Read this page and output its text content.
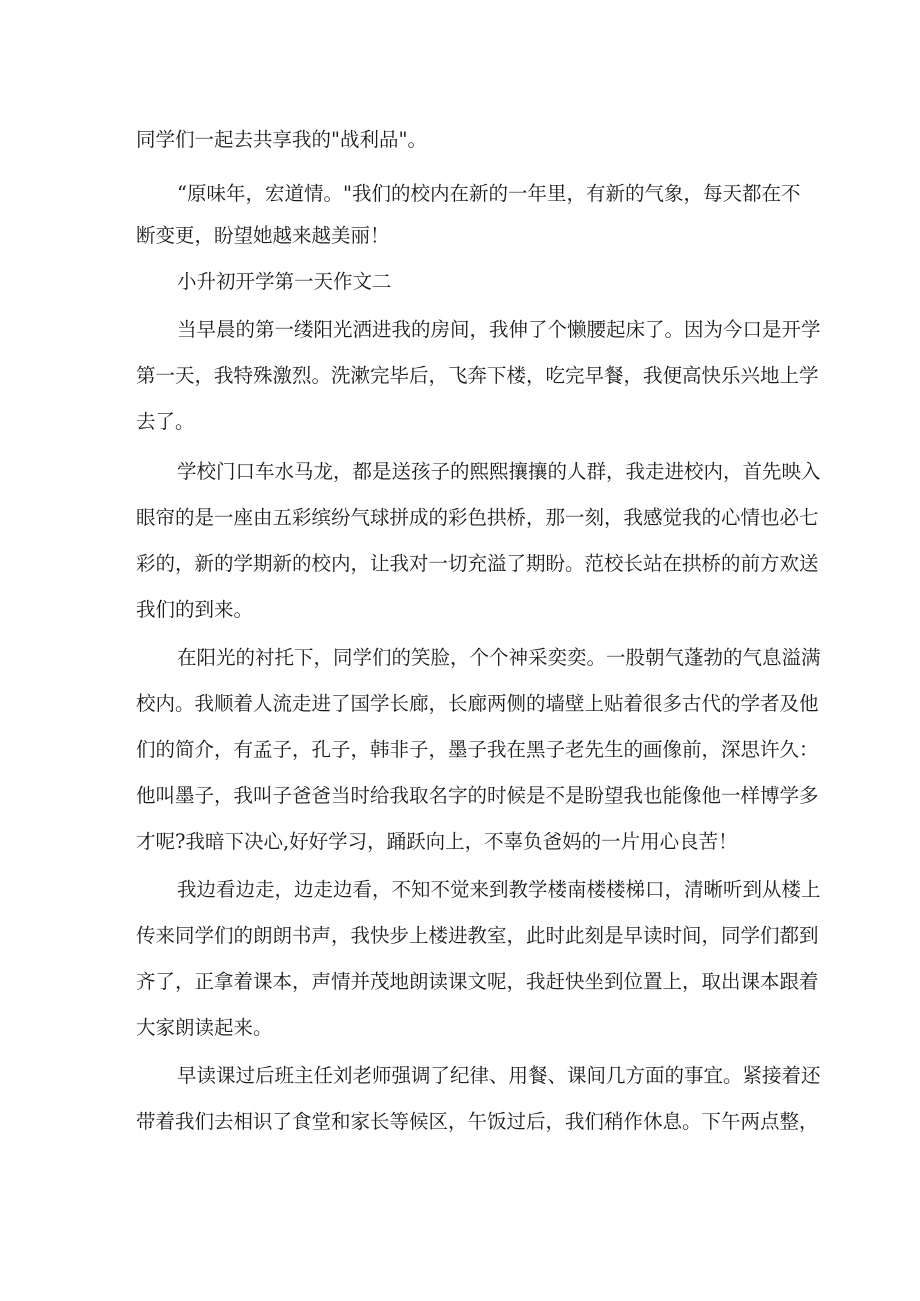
同学们一起去共享我的"战利品"。
“原味年，宏道情。"我们的校内在新的一年里，有新的气象，每天都在不
断变更，盼望她越来越美丽！
小升初开学第一天作文二
当早晨的第一缕阳光洒进我的房间，我伸了个懒腰起床了。因为今口是开学
第一天，我特殊激烈。洗漱完毕后，飞奔下楼，吃完早餐，我便高快乐兴地上学
去了。
学校门口车水马龙，都是送孩子的熙熙攘攘的人群，我走进校内，首先映入
眼帘的是一座由五彩缤纷气球拼成的彩色拱桥，那一刻，我感觉我的心情也必七
彩的，新的学期新的校内，让我对一切充溢了期盼。范校长站在拱桥的前方欢送
我们的到来。
在阳光的衬托下，同学们的笑脸，个个神采奕奕。一股朝气蓬勃的气息溢满
校内。我顺着人流走进了国学长廊，长廊两侧的墙壁上贴着很多古代的学者及他
们的简介，有孟子，孔子，韩非子，墨子我在黑子老先生的画像前，深思许久：
他叫墨子，我叫子爸爸当时给我取名字的时候是不是盼望我也能像他一样博学多
才呢?我暗下决心,好好学习，踊跃向上，不辜负爸妈的一片用心良苦！
我边看边走，边走边看，不知不觉来到教学楼南楼楼梯口，清晰听到从楼上
传来同学们的朗朗书声，我快步上楼进教室，此时此刻是早读时间，同学们都到
齐了，正拿着课本，声情并茂地朗读课文呢，我赶快坐到位置上，取出课本跟着
大家朗读起来。
早读课过后班主任刘老师强调了纪律、用餐、课间几方面的事宜。紧接着还
带着我们去相识了食堂和家长等候区，午饭过后，我们稍作休息。下午两点整，
